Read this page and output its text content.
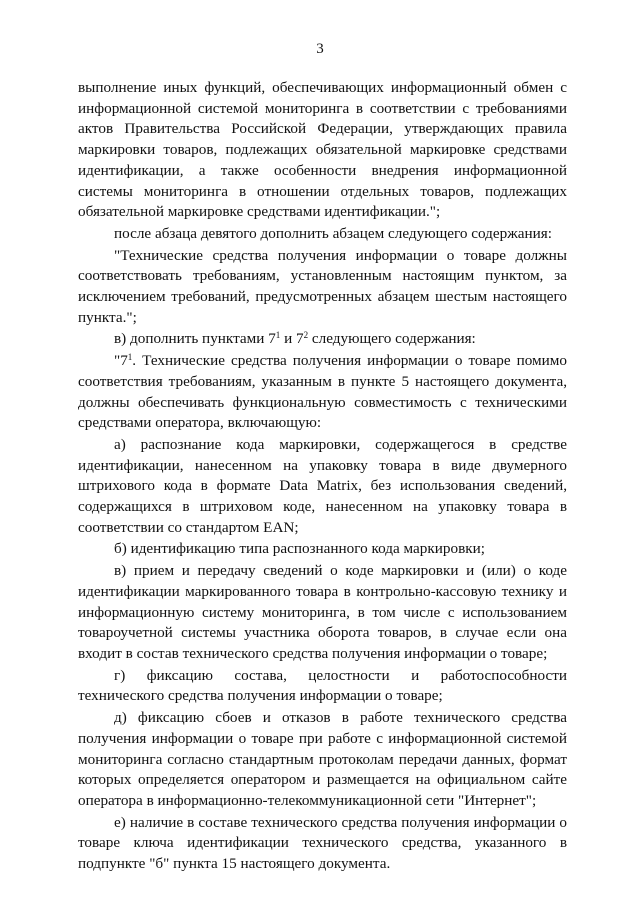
3

выполнение иных функций, обеспечивающих информационный обмен с информационной системой мониторинга в соответствии с требованиями актов Правительства Российской Федерации, утверждающих правила маркировки товаров, подлежащих обязательной маркировке средствами идентификации, а также особенности внедрения информационной системы мониторинга в отношении отдельных товаров, подлежащих обязательной маркировке средствами идентификации.";

после абзаца девятого дополнить абзацем следующего содержания:

"Технические средства получения информации о товаре должны соответствовать требованиям, установленным настоящим пунктом, за исключением требований, предусмотренных абзацем шестым настоящего пункта.";

в) дополнить пунктами $7^1$ и $7^2$ следующего содержания:

"$7^1$. Технические средства получения информации о товаре помимо соответствия требованиям, указанным в пункте 5 настоящего документа, должны обеспечивать функциональную совместимость с техническими средствами оператора, включающую:

а) распознание кода маркировки, содержащегося в средстве идентификации, нанесенном на упаковку товара в виде двумерного штрихового кода в формате Data Matrix, без использования сведений, содержащихся в штриховом коде, нанесенном на упаковку товара в соответствии со стандартом EAN;

б) идентификацию типа распознанного кода маркировки;

в) прием и передачу сведений о коде маркировки и (или) о коде идентификации маркированного товара в контрольно-кассовую технику и информационную систему мониторинга, в том числе с использованием товароучетной системы участника оборота товаров, в случае если она входит в состав технического средства получения информации о товаре;

г) фиксацию состава, целостности и работоспособности технического средства получения информации о товаре;

д) фиксацию сбоев и отказов в работе технического средства получения информации о товаре при работе с информационной системой мониторинга согласно стандартным протоколам передачи данных, формат которых определяется оператором и размещается на официальном сайте оператора в информационно-телекоммуникационной сети "Интернет";

е) наличие в составе технического средства получения информации о товаре ключа идентификации технического средства, указанного в подпункте "б" пункта 15 настоящего документа.
